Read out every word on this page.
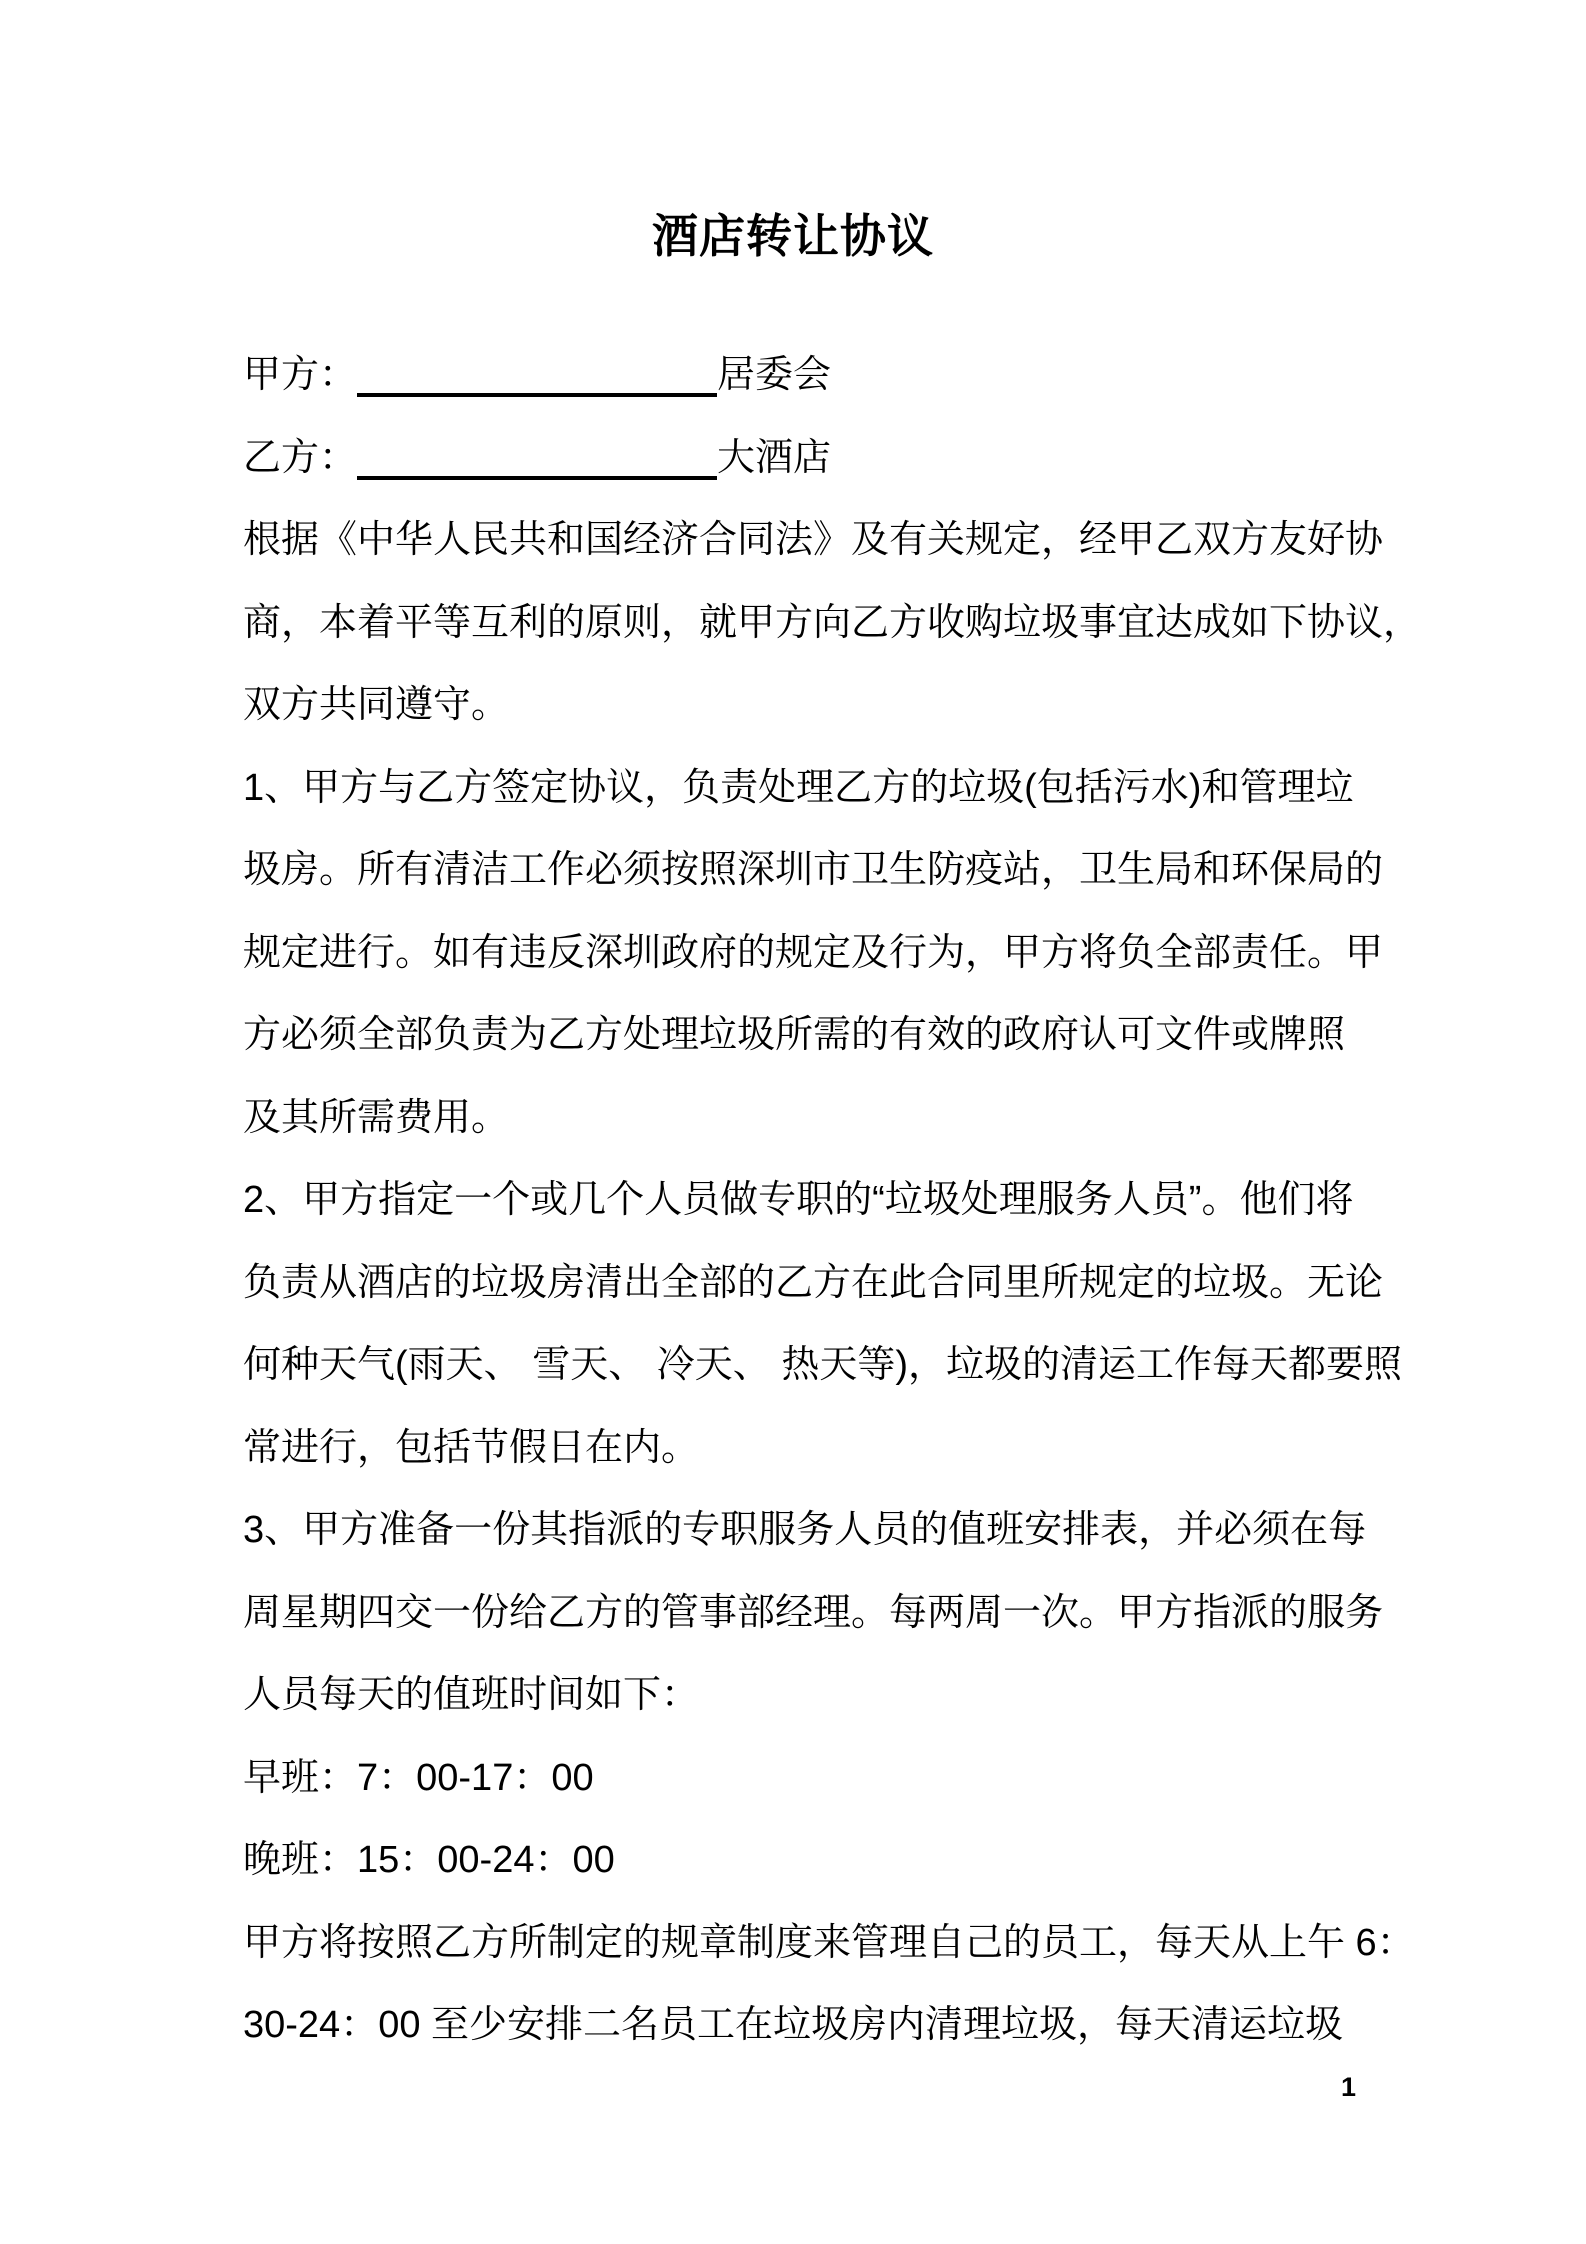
酒店转让协议
甲方：	居委会
乙方：	大酒店
根据《中华人民共和国经济合同法》及有关规定，经甲乙双方友好协
商，本着平等互利的原则，就甲方向乙方收购垃圾事宜达成如下协议，
双方共同遵守。
1、甲方与乙方签定协议，负责处理乙方的垃圾(包括污水)和管理垃
圾房。所有清洁工作必须按照深圳市卫生防疫站，卫生局和环保局的
规定进行。如有违反深圳政府的规定及行为，甲方将负全部责任。甲
方必须全部负责为乙方处理垃圾所需的有效的政府认可文件或牌照
及其所需费用。
2、甲方指定一个或几个人员做专职的“垃圾处理服务人员”。他们将
负责从酒店的垃圾房清出全部的乙方在此合同里所规定的垃圾。无论
何种天气(雨天、 雪天、 冷天、 热天等)，垃圾的清运工作每天都要照
常进行，包括节假日在内。
3、甲方准备一份其指派的专职服务人员的值班安排表，并必须在每
周星期四交一份给乙方的管事部经理。每两周一次。甲方指派的服务
人员每天的值班时间如下：
早班：7：00-17：00
晚班：15：00-24：00
甲方将按照乙方所制定的规章制度来管理自己的员工，每天从上午 6：
30-24：00 至少安排二名员工在垃圾房内清理垃圾，每天清运垃圾
1
